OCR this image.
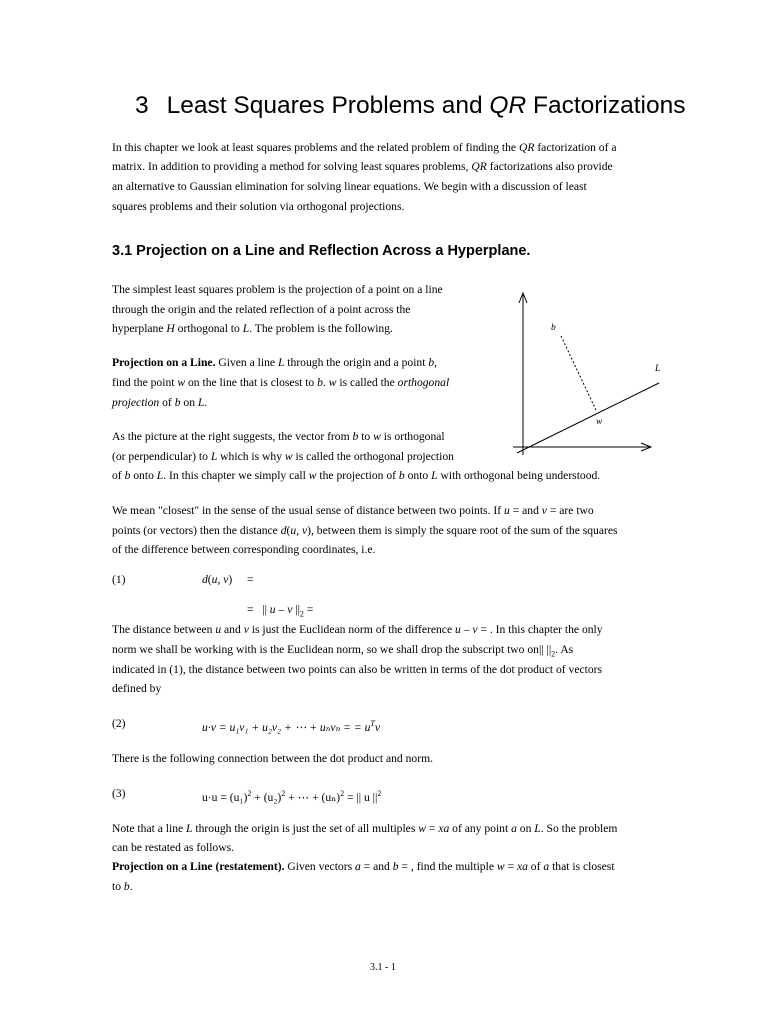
3 Least Squares Problems and QR Factorizations
In this chapter we look at least squares problems and the related problem of finding the QR factorization of a
matrix. In addition to providing a method for solving least squares problems, QR factorizations also provide
an alternative to Gaussian elimination for solving linear equations. We begin with a discussion of least
squares problems and their solution via orthogonal projections.
3.1 Projection on a Line and Reflection Across a Hyperplane.
The simplest least squares problem is the projection of a point on a line
through the origin and the related reflection of a point across the
hyperplane H orthogonal to L. The problem is the following.
Projection on a Line. Given a line L through the origin and a point b,
find the point w on the line that is closest to b. w is called the orthogonal
projection of b on L.
As the picture at the right suggests, the vector from b to w is orthogonal
(or perpendicular) to L which is why w is called the orthogonal projection
of b onto L. In this chapter we simply call w the projection of b onto L with orthogonal being understood.
b
L
w
We mean "closest" in the sense of the usual sense of distance between two points. If u = and v = are two
points (or vectors) then the distance d(u, v), between them is simply the square root of the sum of the squares
of the difference between corresponding coordinates, i.e.
(1)	d(u, v) =
= || u – v $||_2$ =
The distance between u and v is just the Euclidean norm of the difference u – v = . In this chapter the only
norm we shall be working with is the Euclidean norm, so we shall drop the subscript two on|| $||_2$. As
indicated in (1), the distance between two points can also be written in terms of the dot product of vectors
defined by
(2)	u·v = u₁v₁ + u₂v₂ + ⋯ + uₙvₙ = = $u^Tv$
There is the following connection between the dot product and norm.
(3)	$u\cdot u = (u_1)^2 + (u_2)^2$ + ⋯ + $(u_n)^2$ = || u $||^2$
Note that a line L through the origin is just the set of all multiples w = xa of any point a on L. So the problem
can be restated as follows.
Projection on a Line (restatement). Given vectors a = and b = , find the multiple w = xa of a that is closest
to b.
3.1 - 1
